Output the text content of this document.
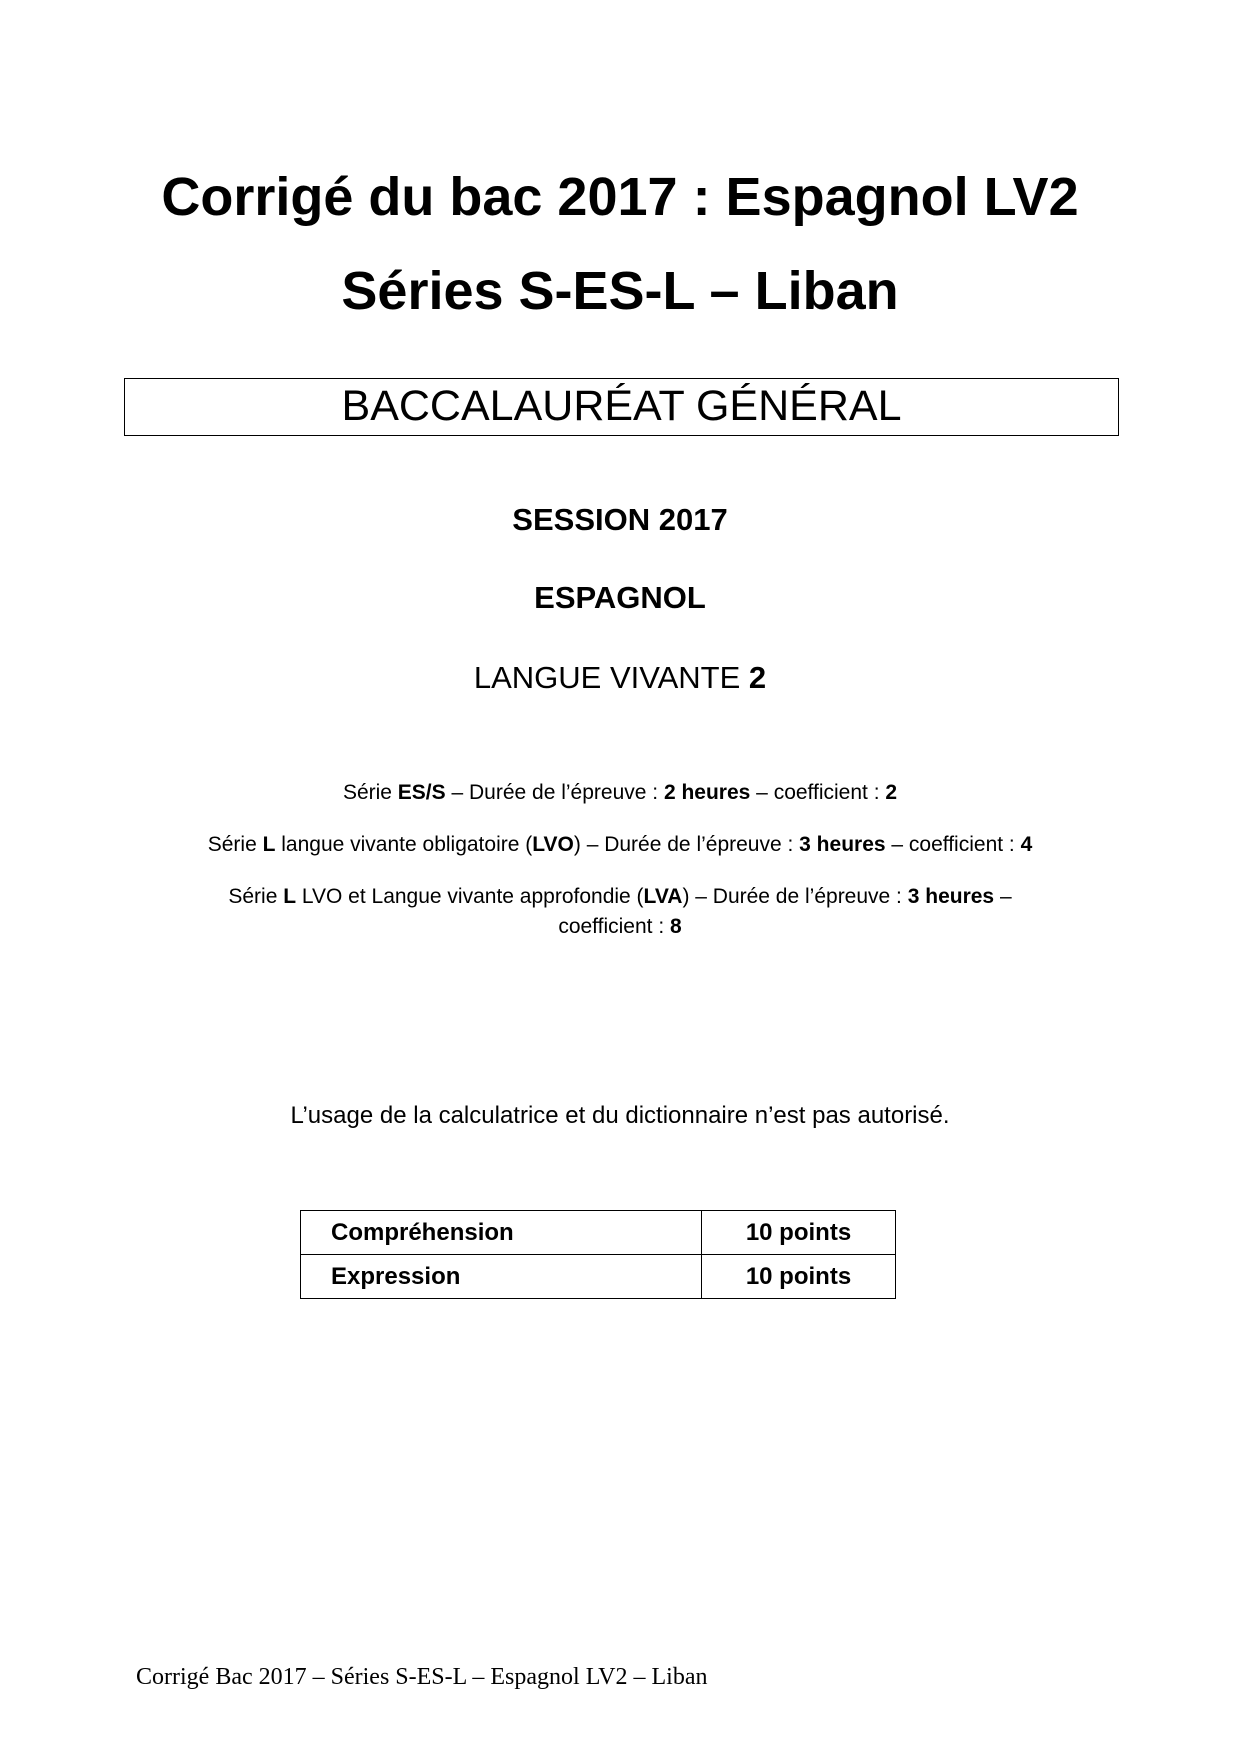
Corrigé du bac 2017 : Espagnol LV2
Séries S-ES-L – Liban
BACCALAURÉAT GÉNÉRAL
SESSION 2017
ESPAGNOL
LANGUE VIVANTE 2
Série ES/S – Durée de l’épreuve : 2 heures – coefficient : 2
Série L langue vivante obligatoire (LVO) – Durée de l’épreuve : 3 heures – coefficient : 4
Série L LVO et Langue vivante approfondie (LVA) – Durée de l’épreuve : 3 heures –
coefficient : 8
L’usage de la calculatrice et du dictionnaire n’est pas autorisé.
Compréhension	10 points
Expression	10 points
Corrigé Bac 2017 – Séries S-ES-L – Espagnol LV2 – Liban
